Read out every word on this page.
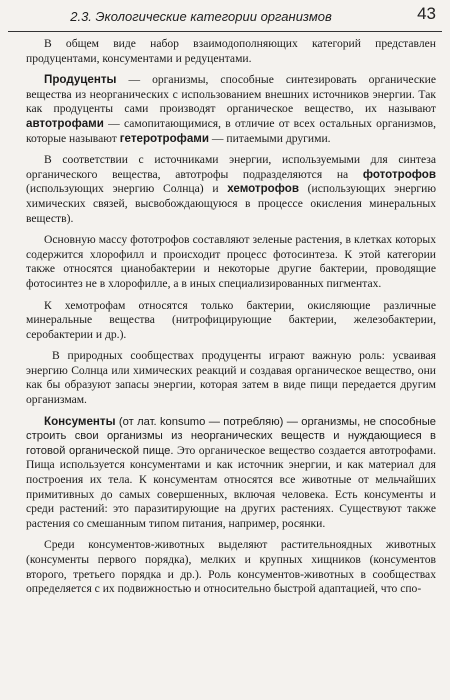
2.3. Экологические категории организмов	43

В общем виде набор взаимодополняющих категорий представлен продуцентами, консументами и редуцентами.

Продуценты — организмы, способные синтезировать органические вещества из неорганических с использованием внешних источников энергии. Так как продуценты сами производят органическое вещество, их называют автотрофами — самопитающимися, в отличие от всех остальных организмов, которые называют гетеротрофами — питаемыми другими.

В соответствии с источниками энергии, используемыми для синтеза органического вещества, автотрофы подразделяются на фототрофов (использующих энергию Солнца) и хемотрофов (использующих энергию химических связей, высвобождающуюся в процессе окисления минеральных веществ).

Основную массу фототрофов составляют зеленые растения, в клетках которых содержится хлорофилл и происходит процесс фотосинтеза. К этой категории также относятся цианобактерии и некоторые другие бактерии, проводящие фотосинтез не в хлорофилле, а в иных специализированных пигментах.

К хемотрофам относятся только бактерии, окисляющие различные минеральные вещества (нитрофицирующие бактерии, железобактерии, серобактерии и др.).

В природных сообществах продуценты играют важную роль: усваивая энергию Солнца или химических реакций и создавая органическое вещество, они как бы образуют запасы энергии, которая затем в виде пищи передается другим организмам.

Консументы (от лат. konsumo — потребляю) — организмы, не способные строить свои организмы из неорганических веществ и нуждающиеся в готовой органической пище. Это органическое вещество создается автотрофами. Пища используется консументами и как источник энергии, и как материал для построения их тела. К консументам относятся все животные от мельчайших примитивных до самых совершенных, включая человека. Есть консументы и среди растений: это паразитирующие на других растениях. Существуют также растения со смешанным типом питания, например, росянки.

Среди консументов-животных выделяют растительноядных животных (консументы первого порядка), мелких и крупных хищников (консументов второго, третьего порядка и др.). Роль консументов-животных в сообществах определяется с их подвижностью и относительно быстрой адаптацией, что спо-
